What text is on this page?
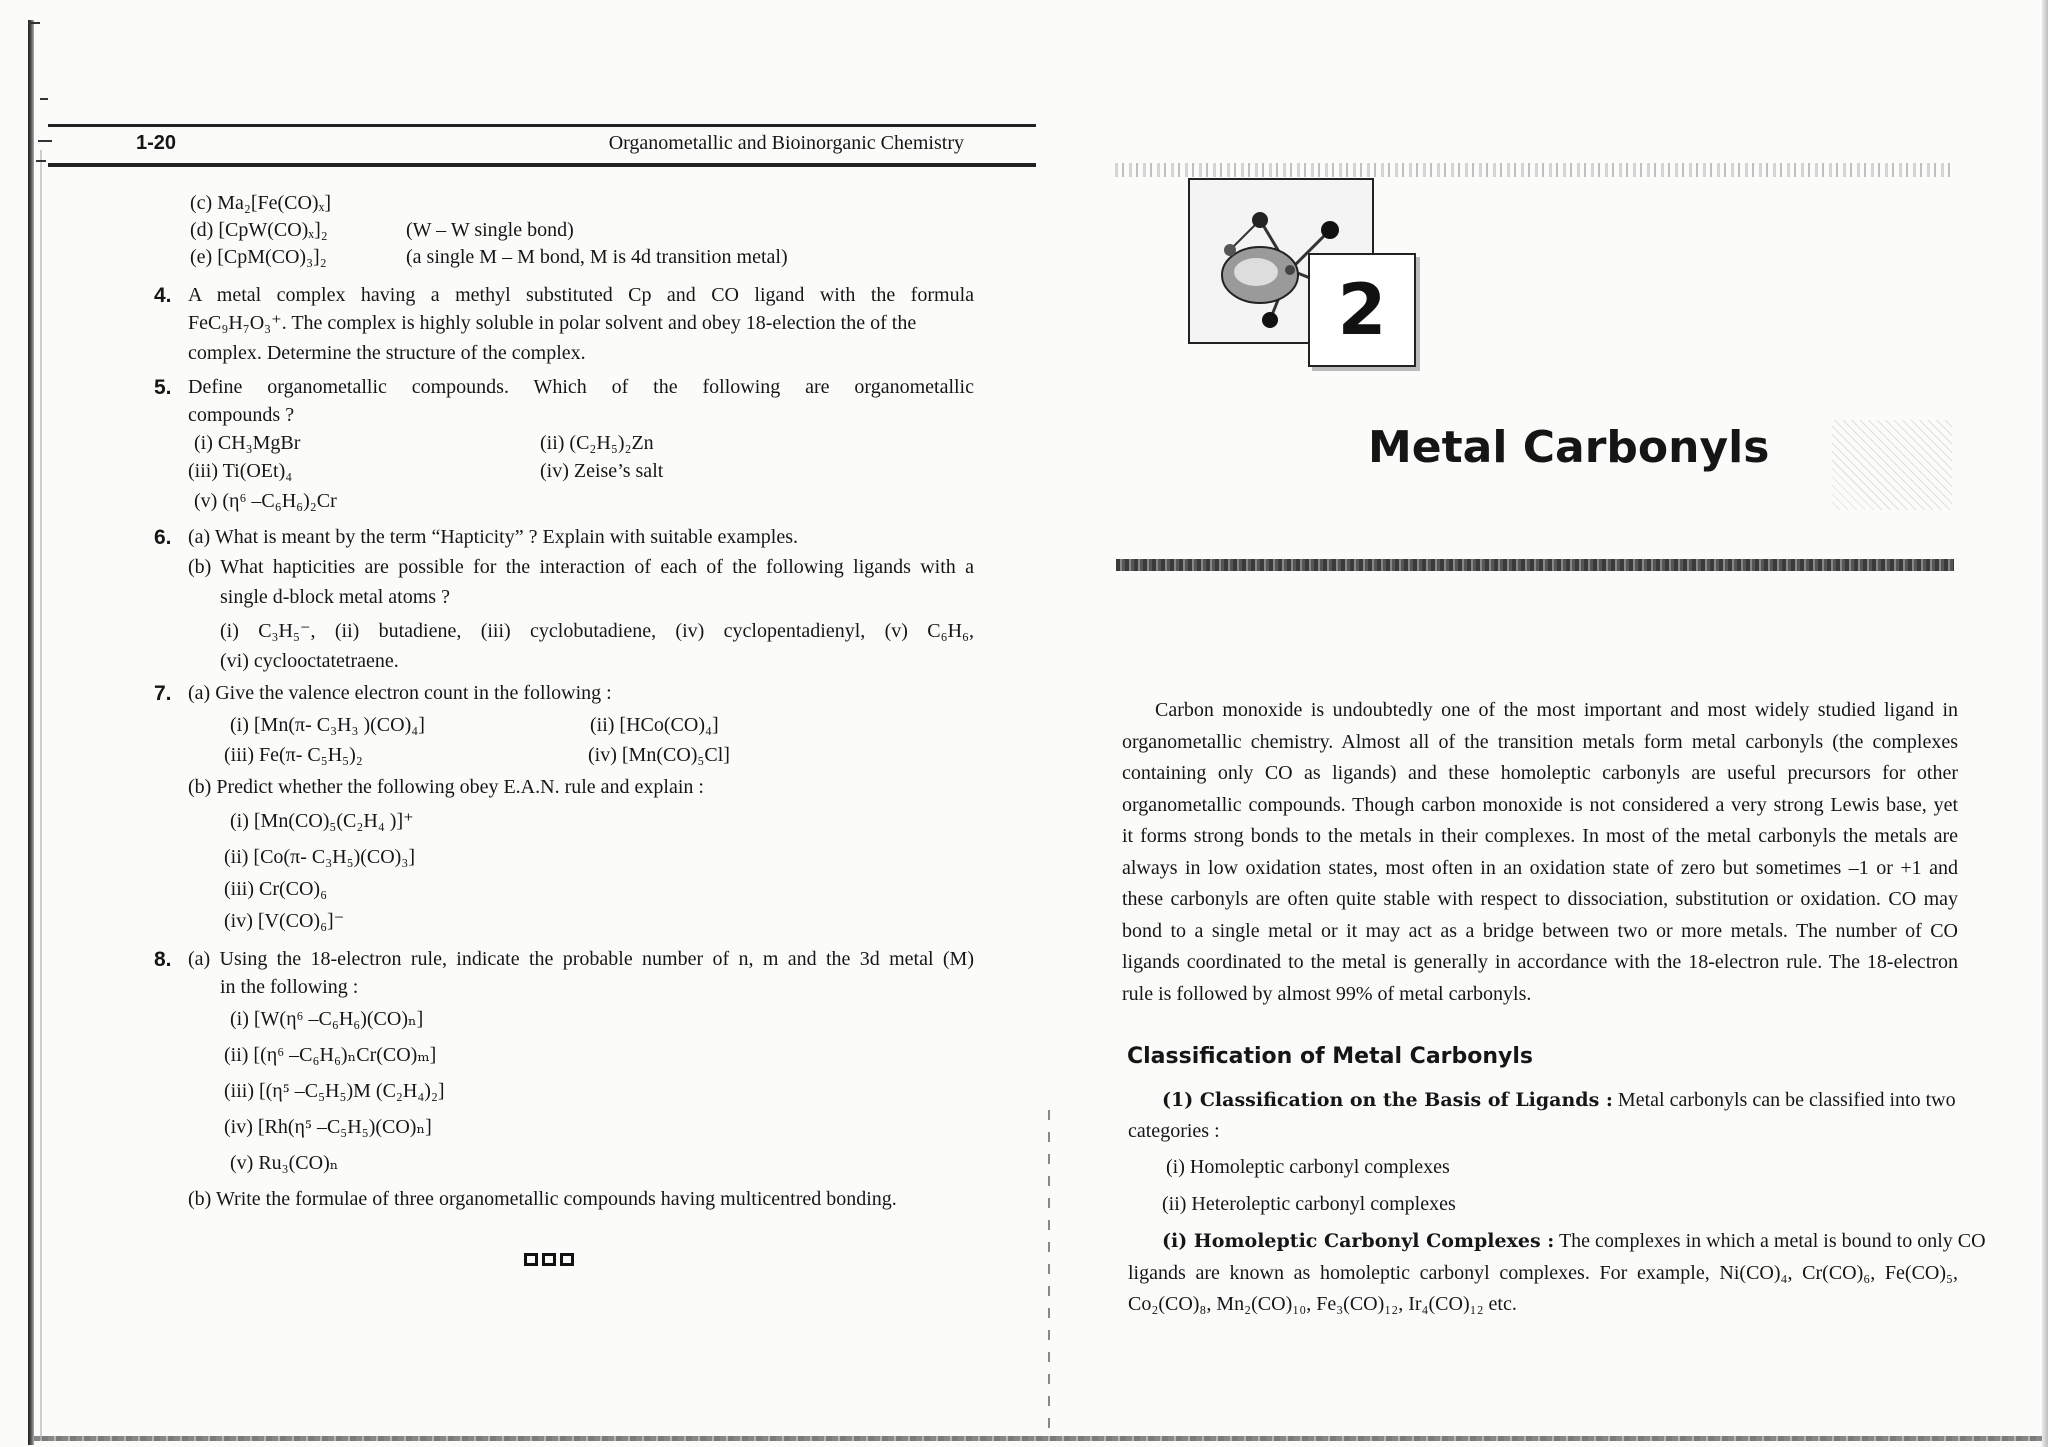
1-20	Organometallic and Bioinorganic Chemistry
(c) Ma₂[Fe(CO)ₓ]
(d) [CpW(CO)ₓ]₂	(W – W single bond)
(e) [CpM(CO)₃]₂	(a single M – M bond, M is 4d transition metal)
4. A metal complex having a methyl substituted Cp and CO ligand with the formula
FeC₉H₇O₃⁺. The complex is highly soluble in polar solvent and obey 18-election the of the
complex. Determine the structure of the complex.
5. Define organometallic compounds. Which of the following are organometallic
compounds ?
(i) CH₃MgBr	(ii) (C₂H₅)₂Zn
(iii) Ti(OEt)₄	(iv) Zeise’s salt
(v) (η⁶ –C₆H₆)₂Cr
6. (a) What is meant by the term “Hapticity” ? Explain with suitable examples.
(b) What hapticities are possible for the interaction of each of the following ligands with a
single d-block metal atoms ?
(i) C₃H₅⁻, (ii) butadiene, (iii) cyclobutadiene, (iv) cyclopentadienyl, (v) C₆H₆,
(vi) cyclooctatetraene.
7. (a) Give the valence electron count in the following :
(i) [Mn(π- C₃H₃ )(CO)₄]	(ii) [HCo(CO)₄]
(iii) Fe(π- C₅H₅)₂	(iv) [Mn(CO)₅Cl]
(b) Predict whether the following obey E.A.N. rule and explain :
(i) [Mn(CO)₅(C₂H₄ )]⁺
(ii) [Co(π- C₃H₅)(CO)₃]
(iii) Cr(CO)₆
(iv) [V(CO)₆]⁻
8. (a) Using the 18-electron rule, indicate the probable number of n, m and the 3d metal (M)
in the following :
(i) [W(η⁶ –C₆H₆)(CO)ₙ]
(ii) [(η⁶ –C₆H₆)ₙCr(CO)ₘ]
(iii) [(η⁵ –C₅H₅)M (C₂H₄)₂]
(iv) [Rh(η⁵ –C₅H₅)(CO)ₙ]
(v) Ru₃(CO)ₙ
(b) Write the formulae of three organometallic compounds having multicentred bonding.
2
Metal Carbonyls
Carbon monoxide is undoubtedly one of the most important and most widely studied ligand in
organometallic chemistry. Almost all of the transition metals form metal carbonyls (the complexes
containing only CO as ligands) and these homoleptic carbonyls are useful precursors for other
organometallic compounds. Though carbon monoxide is not considered a very strong Lewis base, yet
it forms strong bonds to the metals in their complexes. In most of the metal carbonyls the metals are
always in low oxidation states, most often in an oxidation state of zero but sometimes –1 or +1 and
these carbonyls are often quite stable with respect to dissociation, substitution or oxidation. CO may
bond to a single metal or it may act as a bridge between two or more metals. The number of CO
ligands coordinated to the metal is generally in accordance with the 18-electron rule. The 18-electron
rule is followed by almost 99% of metal carbonyls.
Classification of Metal Carbonyls
(1) Classification on the Basis of Ligands : Metal carbonyls can be classified into two
categories :
(i) Homoleptic carbonyl complexes
(ii) Heteroleptic carbonyl complexes
(i) Homoleptic Carbonyl Complexes : The complexes in which a metal is bound to only CO
ligands are known as homoleptic carbonyl complexes. For example, Ni(CO)₄, Cr(CO)₆, Fe(CO)₅,
Co₂(CO)₈, Mn₂(CO)₁₀, Fe₃(CO)₁₂, Ir₄(CO)₁₂ etc.
